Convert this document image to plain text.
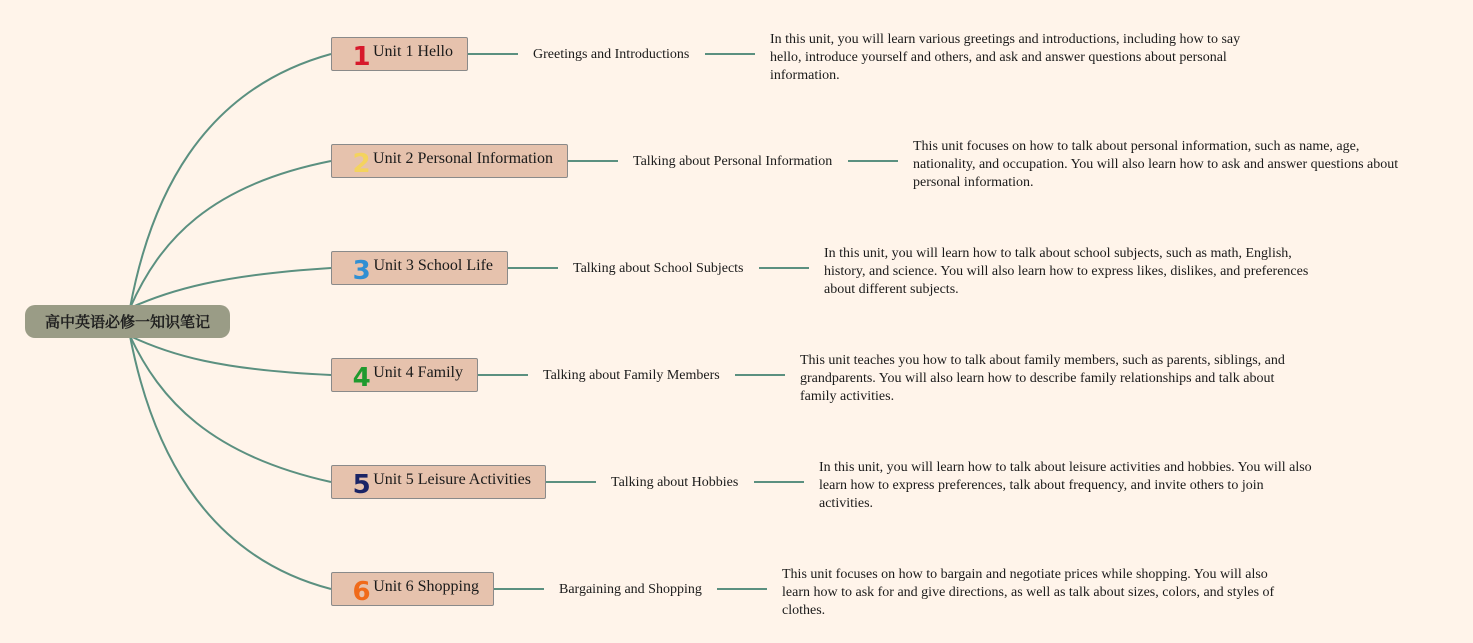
高中英语必修一知识笔记
1 Unit 1 Hello	Greetings and Introductions
In this unit, you will learn various greetings and introductions, including how to say hello, introduce yourself and others, and ask and answer questions about personal information.
2 Unit 2 Personal Information	Talking about Personal Information
This unit focuses on how to talk about personal information, such as name, age, nationality, and occupation. You will also learn how to ask and answer questions about personal information.
3 Unit 3 School Life	Talking about School Subjects
In this unit, you will learn how to talk about school subjects, such as math, English, history, and science. You will also learn how to express likes, dislikes, and preferences about different subjects.
4 Unit 4 Family	Talking about Family Members
This unit teaches you how to talk about family members, such as parents, siblings, and grandparents. You will also learn how to describe family relationships and talk about family activities.
5 Unit 5 Leisure Activities	Talking about Hobbies
In this unit, you will learn how to talk about leisure activities and hobbies. You will also learn how to express preferences, talk about frequency, and invite others to join activities.
6 Unit 6 Shopping	Bargaining and Shopping
This unit focuses on how to bargain and negotiate prices while shopping. You will also learn how to ask for and give directions, as well as talk about sizes, colors, and styles of clothes.
